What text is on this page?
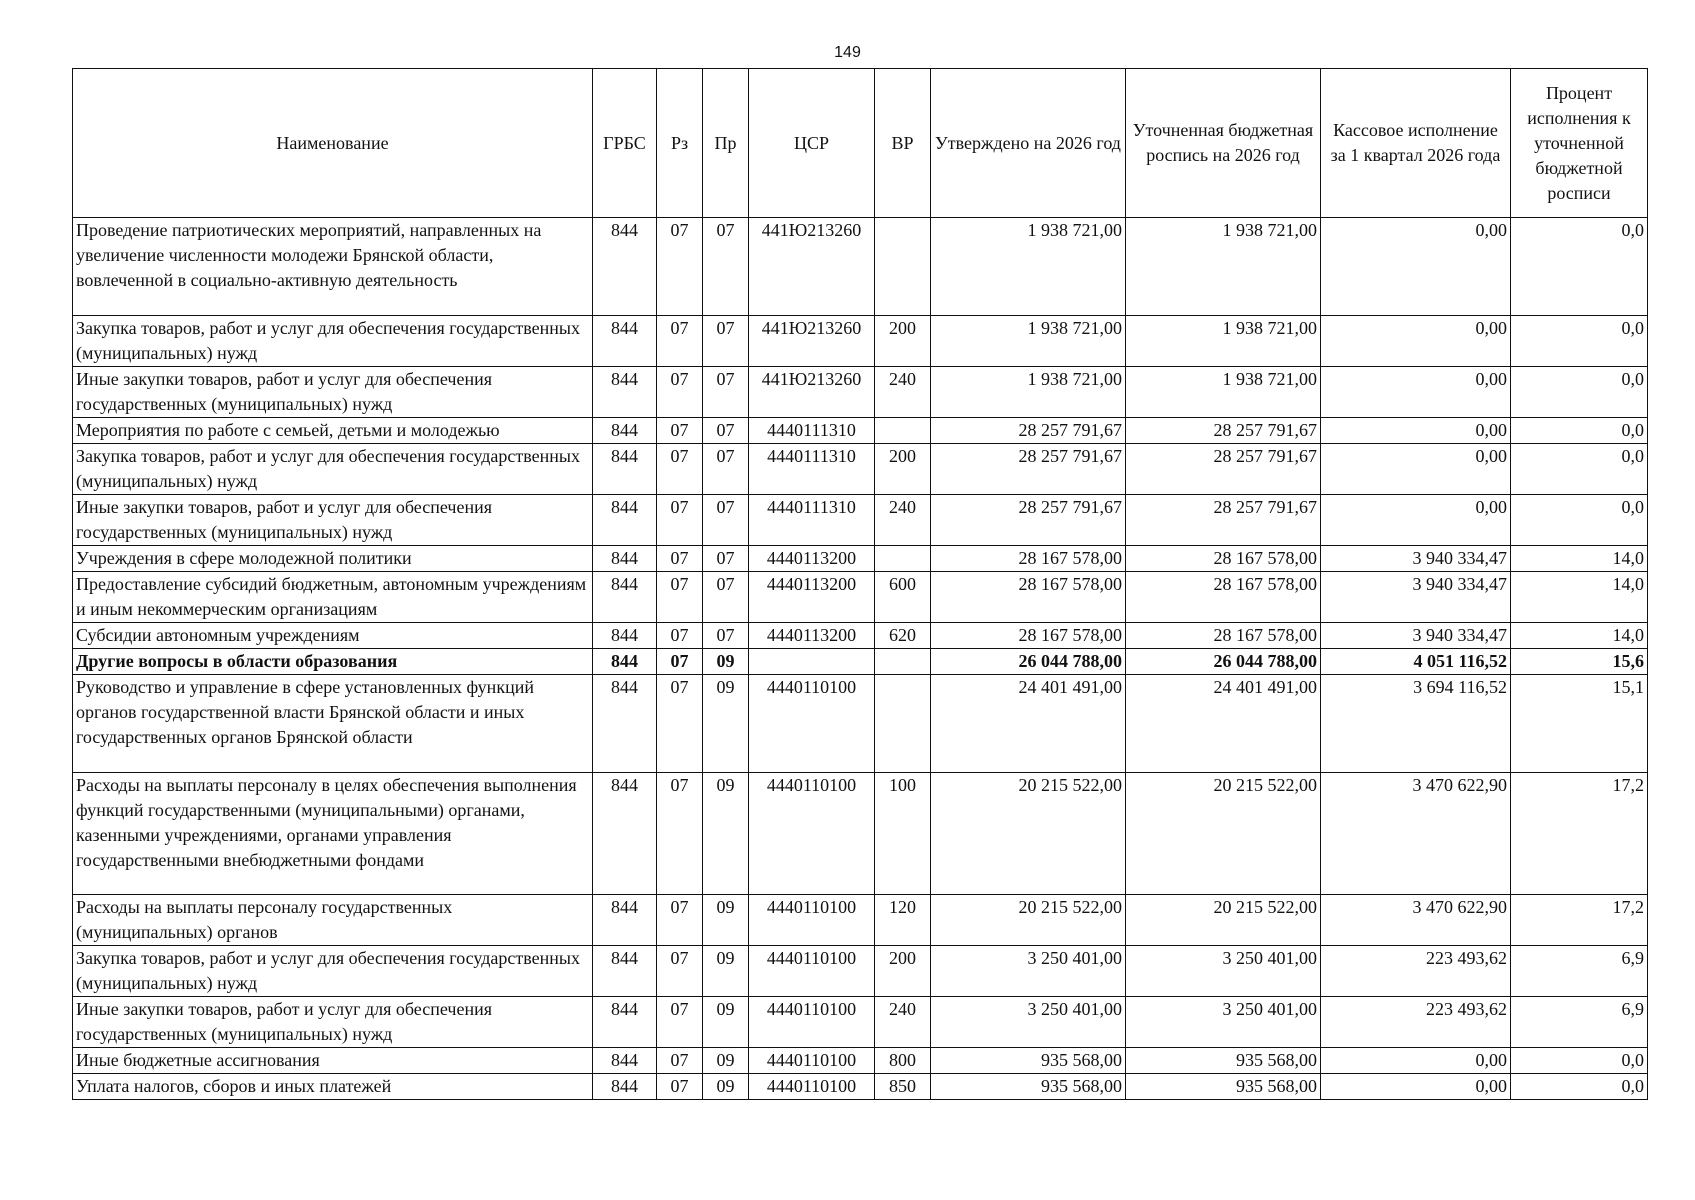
149
Наименование	ГРБС	Рз	Пр	ЦСР	ВР	Утверждено на 2026 год	Уточненная бюджетная роспись на 2026 год	Кассовое исполнение за 1 квартал 2026 года	Процент исполнения к уточненной бюджетной росписи
Проведение патриотических мероприятий, направленных на увеличение численности молодежи Брянской области, вовлеченной в социально-активную деятельность	844	07	07	441Ю213260		1 938 721,00	1 938 721,00	0,00	0,0
Закупка товаров, работ и услуг для обеспечения государственных (муниципальных) нужд	844	07	07	441Ю213260	200	1 938 721,00	1 938 721,00	0,00	0,0
Иные закупки товаров, работ и услуг для обеспечения государственных (муниципальных) нужд	844	07	07	441Ю213260	240	1 938 721,00	1 938 721,00	0,00	0,0
Мероприятия по работе с семьей, детьми и молодежью	844	07	07	4440111310		28 257 791,67	28 257 791,67	0,00	0,0
Закупка товаров, работ и услуг для обеспечения государственных (муниципальных) нужд	844	07	07	4440111310	200	28 257 791,67	28 257 791,67	0,00	0,0
Иные закупки товаров, работ и услуг для обеспечения государственных (муниципальных) нужд	844	07	07	4440111310	240	28 257 791,67	28 257 791,67	0,00	0,0
Учреждения в сфере молодежной политики	844	07	07	4440113200		28 167 578,00	28 167 578,00	3 940 334,47	14,0
Предоставление субсидий бюджетным, автономным учреждениям и иным некоммерческим организациям	844	07	07	4440113200	600	28 167 578,00	28 167 578,00	3 940 334,47	14,0
Субсидии автономным учреждениям	844	07	07	4440113200	620	28 167 578,00	28 167 578,00	3 940 334,47	14,0
Другие вопросы в области образования	844	07	09			26 044 788,00	26 044 788,00	4 051 116,52	15,6
Руководство и управление в сфере установленных функций органов государственной власти Брянской области и иных государственных органов Брянской области	844	07	09	4440110100		24 401 491,00	24 401 491,00	3 694 116,52	15,1
Расходы на выплаты персоналу в целях обеспечения выполнения функций государственными (муниципальными) органами, казенными учреждениями, органами управления государственными внебюджетными фондами	844	07	09	4440110100	100	20 215 522,00	20 215 522,00	3 470 622,90	17,2
Расходы на выплаты персоналу государственных (муниципальных) органов	844	07	09	4440110100	120	20 215 522,00	20 215 522,00	3 470 622,90	17,2
Закупка товаров, работ и услуг для обеспечения государственных (муниципальных) нужд	844	07	09	4440110100	200	3 250 401,00	3 250 401,00	223 493,62	6,9
Иные закупки товаров, работ и услуг для обеспечения государственных (муниципальных) нужд	844	07	09	4440110100	240	3 250 401,00	3 250 401,00	223 493,62	6,9
Иные бюджетные ассигнования	844	07	09	4440110100	800	935 568,00	935 568,00	0,00	0,0
Уплата налогов, сборов и иных платежей	844	07	09	4440110100	850	935 568,00	935 568,00	0,00	0,0
